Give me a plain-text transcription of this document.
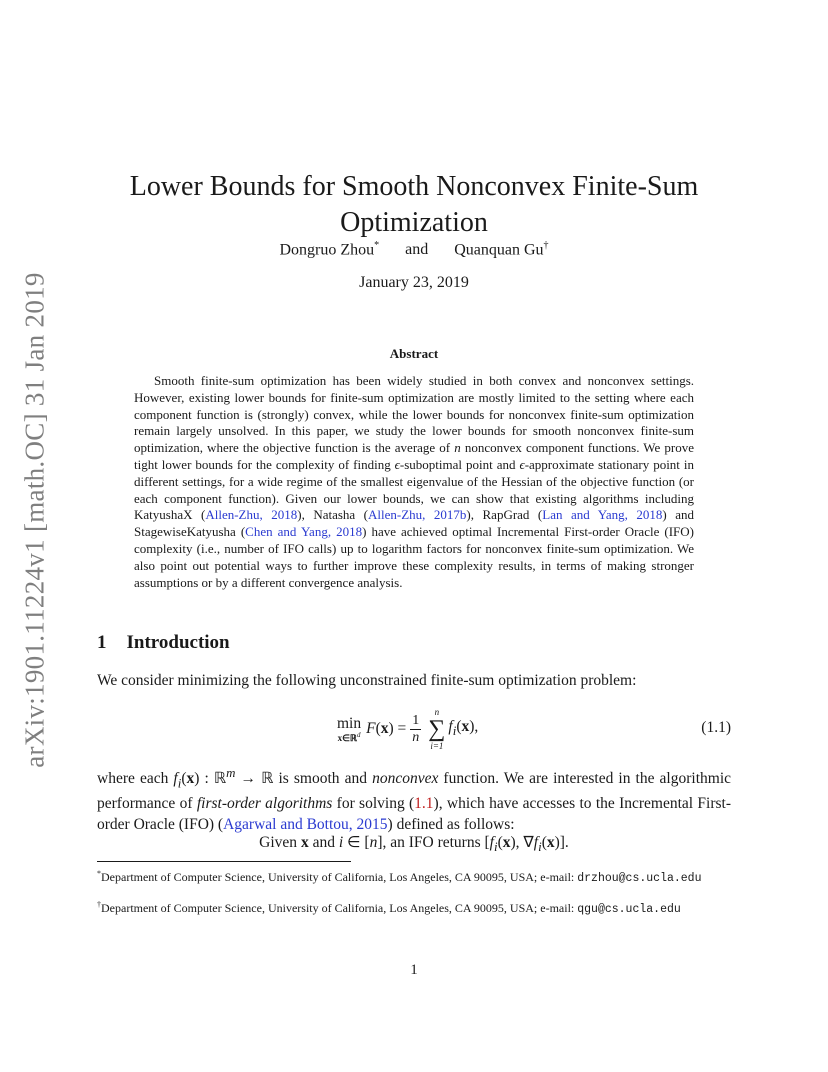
arXiv:1901.11224v1 [math.OC] 31 Jan 2019
Lower Bounds for Smooth Nonconvex Finite-Sum Optimization
Dongruo Zhou* and Quanquan Gu†
January 23, 2019
Abstract
Smooth finite-sum optimization has been widely studied in both convex and nonconvex settings. However, existing lower bounds for finite-sum optimization are mostly limited to the setting where each component function is (strongly) convex, while the lower bounds for nonconvex finite-sum optimization remain largely unsolved. In this paper, we study the lower bounds for smooth nonconvex finite-sum optimization, where the objective function is the average of n nonconvex component functions. We prove tight lower bounds for the complexity of finding ϵ-suboptimal point and ϵ-approximate stationary point in different settings, for a wide regime of the smallest eigenvalue of the Hessian of the objective function (or each component function). Given our lower bounds, we can show that existing algorithms including KatyushaX (Allen-Zhu, 2018), Natasha (Allen-Zhu, 2017b), RapGrad (Lan and Yang, 2018) and StagewiseKatyusha (Chen and Yang, 2018) have achieved optimal Incremental First-order Oracle (IFO) complexity (i.e., number of IFO calls) up to logarithm factors for nonconvex finite-sum optimization. We also point out potential ways to further improve these complexity results, in terms of making stronger assumptions or by a different convergence analysis.
1 Introduction
We consider minimizing the following unconstrained finite-sum optimization problem:
min
x∈ℝ$^d$ $F(x) = \frac{1}{n}$
n
∑
i=1
$f_i(x)$,	(1.1)
where each $f_i(x)$ : ℝ$^m$ → ℝ is smooth and nonconvex function. We are interested in the algorithmic performance of first-order algorithms for solving (1.1), which have accesses to the Incremental First-order Oracle (IFO) (Agarwal and Bottou, 2015) defined as follows:
Given x and i ∈ [n], an IFO returns [$f_i(x)$, $\nabla f_i(x)$].
*Department of Computer Science, University of California, Los Angeles, CA 90095, USA; e-mail: drzhou@cs.ucla.edu
†Department of Computer Science, University of California, Los Angeles, CA 90095, USA; e-mail: qgu@cs.ucla.edu
1
